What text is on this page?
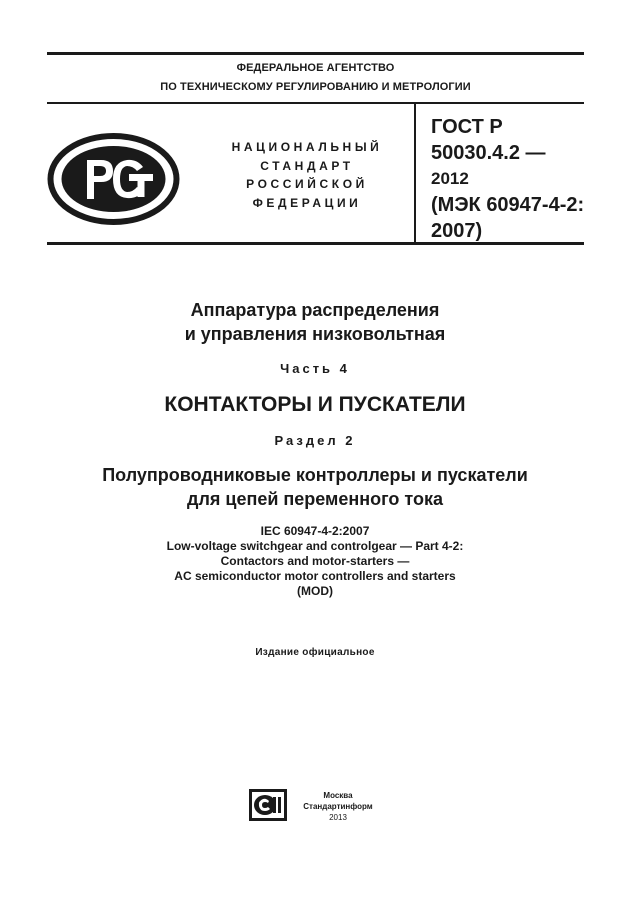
ФЕДЕРАЛЬНОЕ АГЕНТСТВО
ПО ТЕХНИЧЕСКОМУ РЕГУЛИРОВАНИЮ И МЕТРОЛОГИИ
НАЦИОНАЛЬНЫЙ
СТАНДАРТ
РОССИЙСКОЙ
ФЕДЕРАЦИИ
ГОСТ Р
50030.4.2 —
2012
(МЭК 60947-4-2:
2007)
Аппаратура распределения
и управления низковольтная
Часть 4
КОНТАКТОРЫ И ПУСКАТЕЛИ
Раздел 2
Полупроводниковые контроллеры и пускатели
для цепей переменного тока
IEC 60947-4-2:2007
Low-voltage switchgear and controlgear — Part 4-2:
Contactors and motor-starters —
AC semiconductor motor controllers and starters
(MOD)
Издание официальное
Москва
Стандартинформ
2013
